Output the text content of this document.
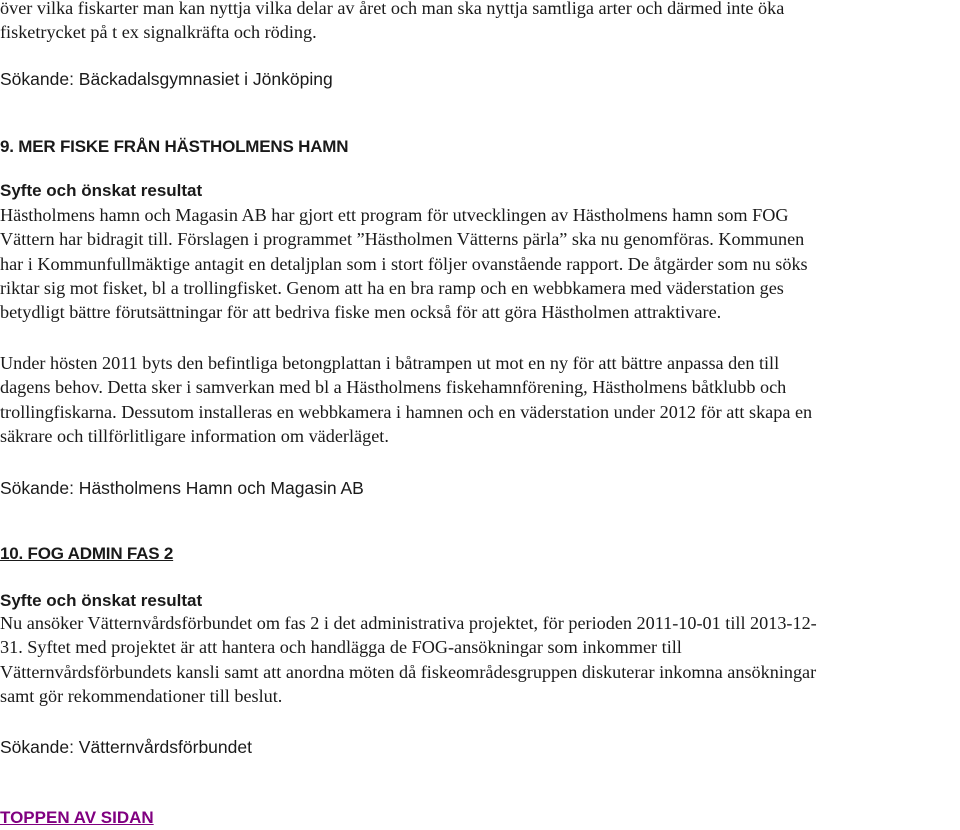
över vilka fiskarter man kan nyttja vilka delar av året och man ska nyttja samtliga arter och därmed inte öka

fisketrycket på t ex signalkräfta och röding.

Sökande: Bäckadalsgymnasiet i Jönköping

9. MER FISKE FRÅN HÄSTHOLMENS HAMN

Syfte och önskat resultat

Hästholmens hamn och Magasin AB har gjort ett program för utvecklingen av Hästholmens hamn som FOG

Vättern har bidragit till. Förslagen i programmet ”Hästholmen Vätterns pärla” ska nu genomföras. Kommunen

har i Kommunfullmäktige antagit en detaljplan som i stort följer ovanstående rapport. De åtgärder som nu söks

riktar sig mot fisket, bl a trollingfisket. Genom att ha en bra ramp och en webbkamera med väderstation ges

betydligt bättre förutsättningar för att bedriva fiske men också för att göra Hästholmen attraktivare.

Under hösten 2011 byts den befintliga betongplattan i båtrampen ut mot en ny för att bättre anpassa den till

dagens behov. Detta sker i samverkan med bl a Hästholmens fiskehamnförening, Hästholmens båtklubb och

trollingfiskarna. Dessutom installeras en webbkamera i hamnen och en väderstation under 2012 för att skapa en

säkrare och tillförlitligare information om väderläget.

Sökande: Hästholmens Hamn och Magasin AB

10. FOG ADMIN FAS 2

Syfte och önskat resultat

Nu ansöker Vätternvårdsförbundet om fas 2 i det administrativa projektet, för perioden 2011-10-01 till 2013-12-

31. Syftet med projektet är att hantera och handlägga de FOG-ansökningar som inkommer till

Vätternvårdsförbundets kansli samt att anordna möten då fiskeområdesgruppen diskuterar inkomna ansökningar

samt gör rekommendationer till beslut.

Sökande: Vätternvårdsförbundet

TOPPEN AV SIDAN
